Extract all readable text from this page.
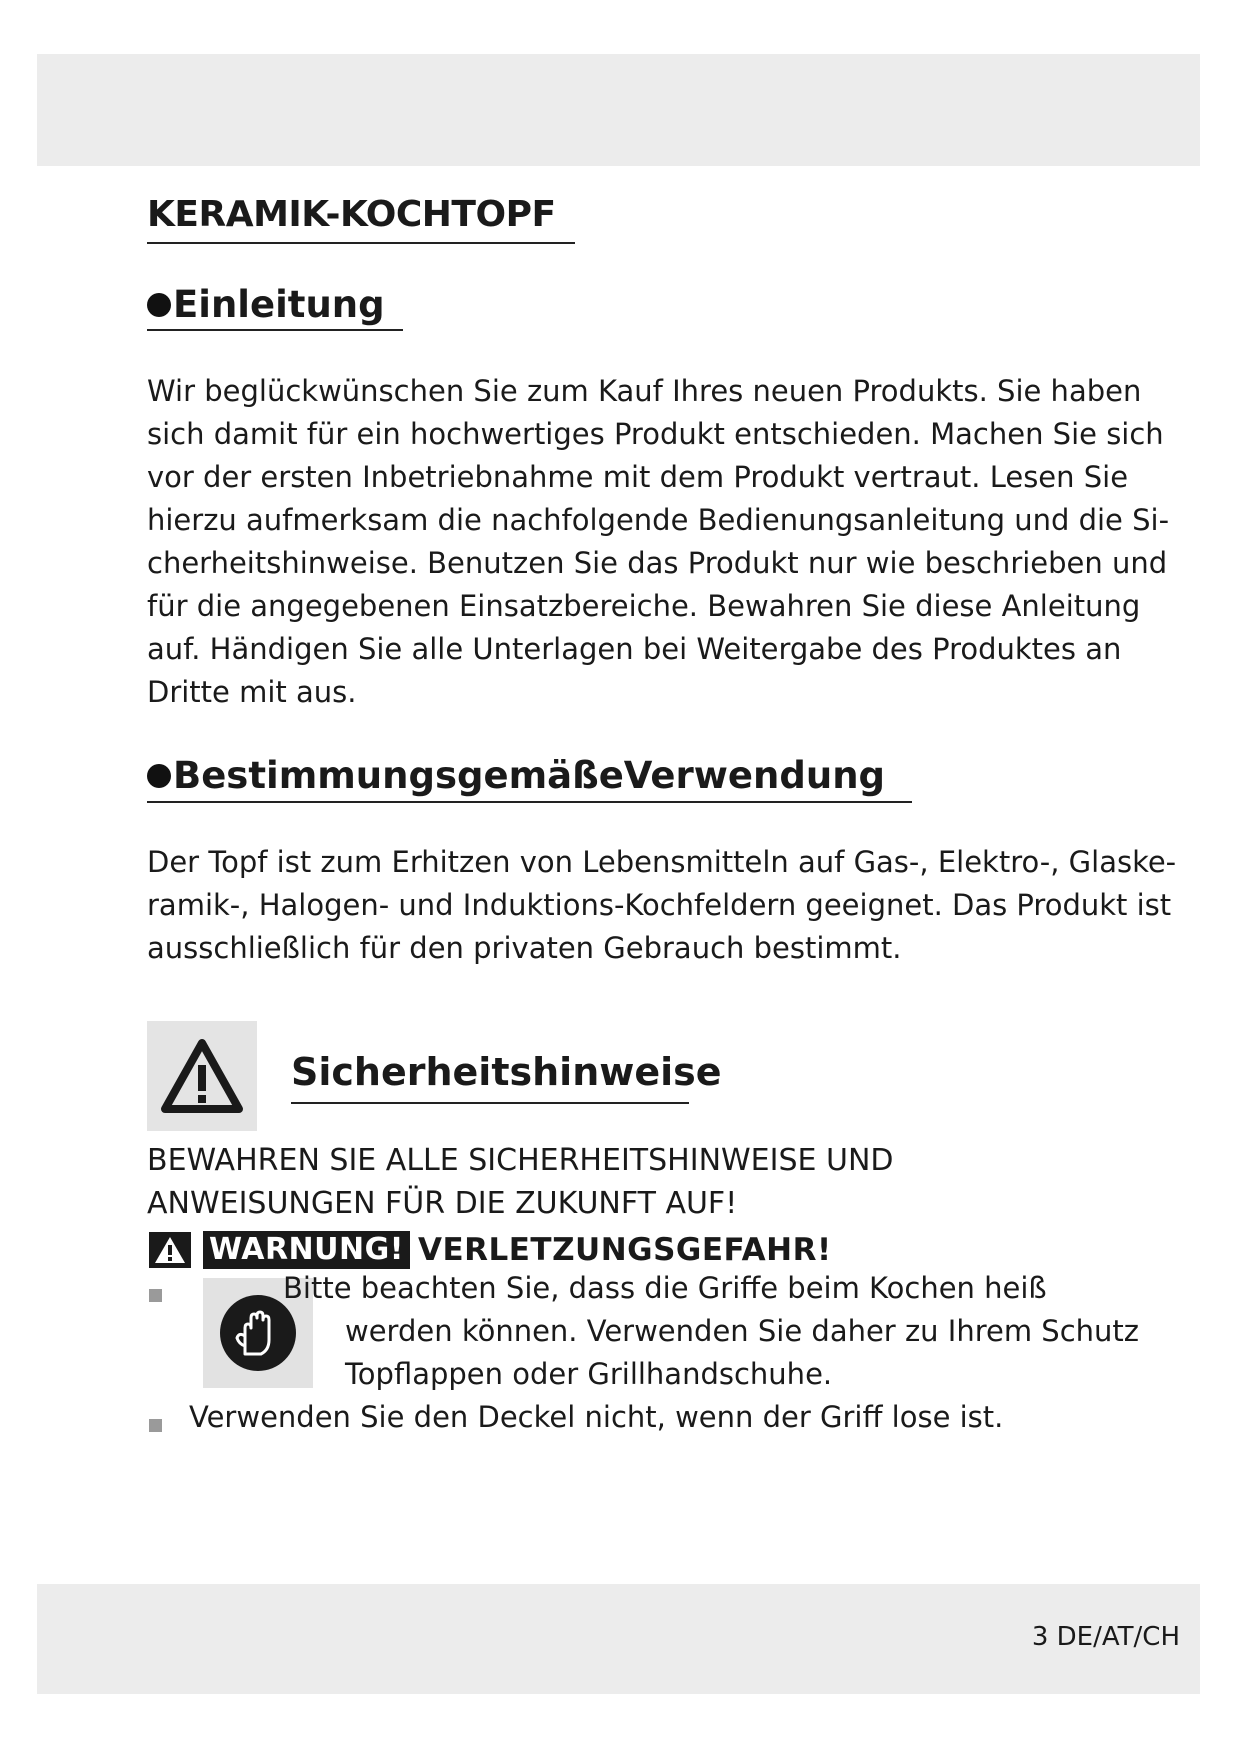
KERAMIK-KOCHTOPF
Einleitung
Wir beglückwünschen Sie zum Kauf Ihres neuen Produkts. Sie haben
sich damit für ein hochwertiges Produkt entschieden. Machen Sie sich
vor der ersten Inbetriebnahme mit dem Produkt vertraut. Lesen Sie
hierzu aufmerksam die nachfolgende Bedienungsanleitung und die Si-
cherheitshinweise. Benutzen Sie das Produkt nur wie beschrieben und
für die angegebenen Einsatzbereiche. Bewahren Sie diese Anleitung
auf. Händigen Sie alle Unterlagen bei Weitergabe des Produktes an
Dritte mit aus.
BestimmungsgemäßeVerwendung
Der Topf ist zum Erhitzen von Lebensmitteln auf Gas-, Elektro-, Glaske-
ramik-, Halogen- und Induktions-Kochfeldern geeignet. Das Produkt ist
ausschließlich für den privaten Gebrauch bestimmt.
Sicherheitshinweise
BEWAHREN SIE ALLE SICHERHEITSHINWEISE UND
ANWEISUNGEN FÜR DIE ZUKUNFT AUF!
WARNUNG! VERLETZUNGSGEFAHR!
Bitte beachten Sie, dass die Griffe beim Kochen heiß
werden können. Verwenden Sie daher zu Ihrem Schutz
Topflappen oder Grillhandschuhe.
Verwenden Sie den Deckel nicht, wenn der Griff lose ist.
3 DE/AT/CH
